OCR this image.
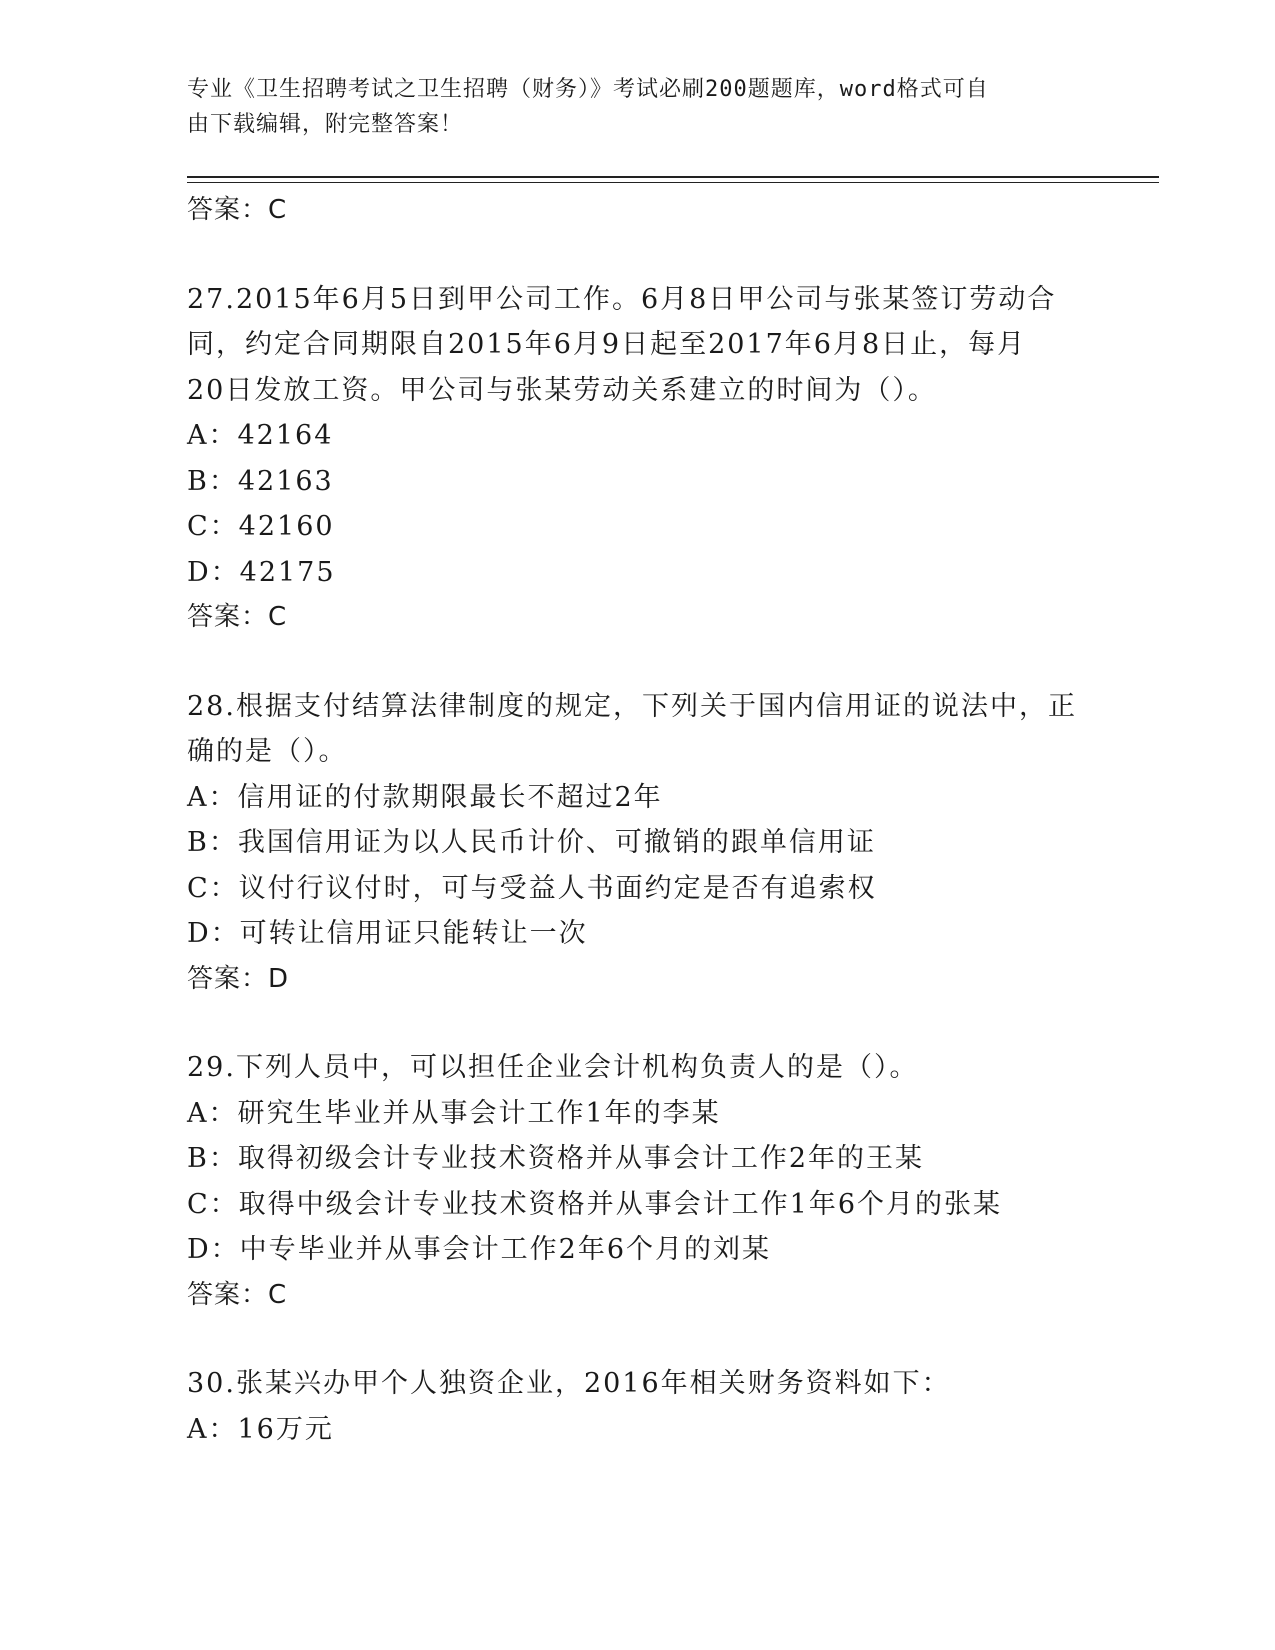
专业《卫生招聘考试之卫生招聘（财务）》考试必刷200题题库，word格式可自
由下载编辑，附完整答案！

答案：C

27.2015年6月5日到甲公司工作。6月8日甲公司与张某签订劳动合

同，约定合同期限自2015年6月9日起至2017年6月8日止，每月

20日发放工资。甲公司与张某劳动关系建立的时间为（）。

A：42164

B：42163

C：42160

D：42175

答案：C

28.根据支付结算法律制度的规定，下列关于国内信用证的说法中，正

确的是（）。

A：信用证的付款期限最长不超过2年

B：我国信用证为以人民币计价、可撤销的跟单信用证

C：议付行议付时，可与受益人书面约定是否有追索权

D：可转让信用证只能转让一次

答案：D

29.下列人员中，可以担任企业会计机构负责人的是（）。

A：研究生毕业并从事会计工作1年的李某

B：取得初级会计专业技术资格并从事会计工作2年的王某

C：取得中级会计专业技术资格并从事会计工作1年6个月的张某

D：中专毕业并从事会计工作2年6个月的刘某

答案：C

30.张某兴办甲个人独资企业，2016年相关财务资料如下：

A：16万元
